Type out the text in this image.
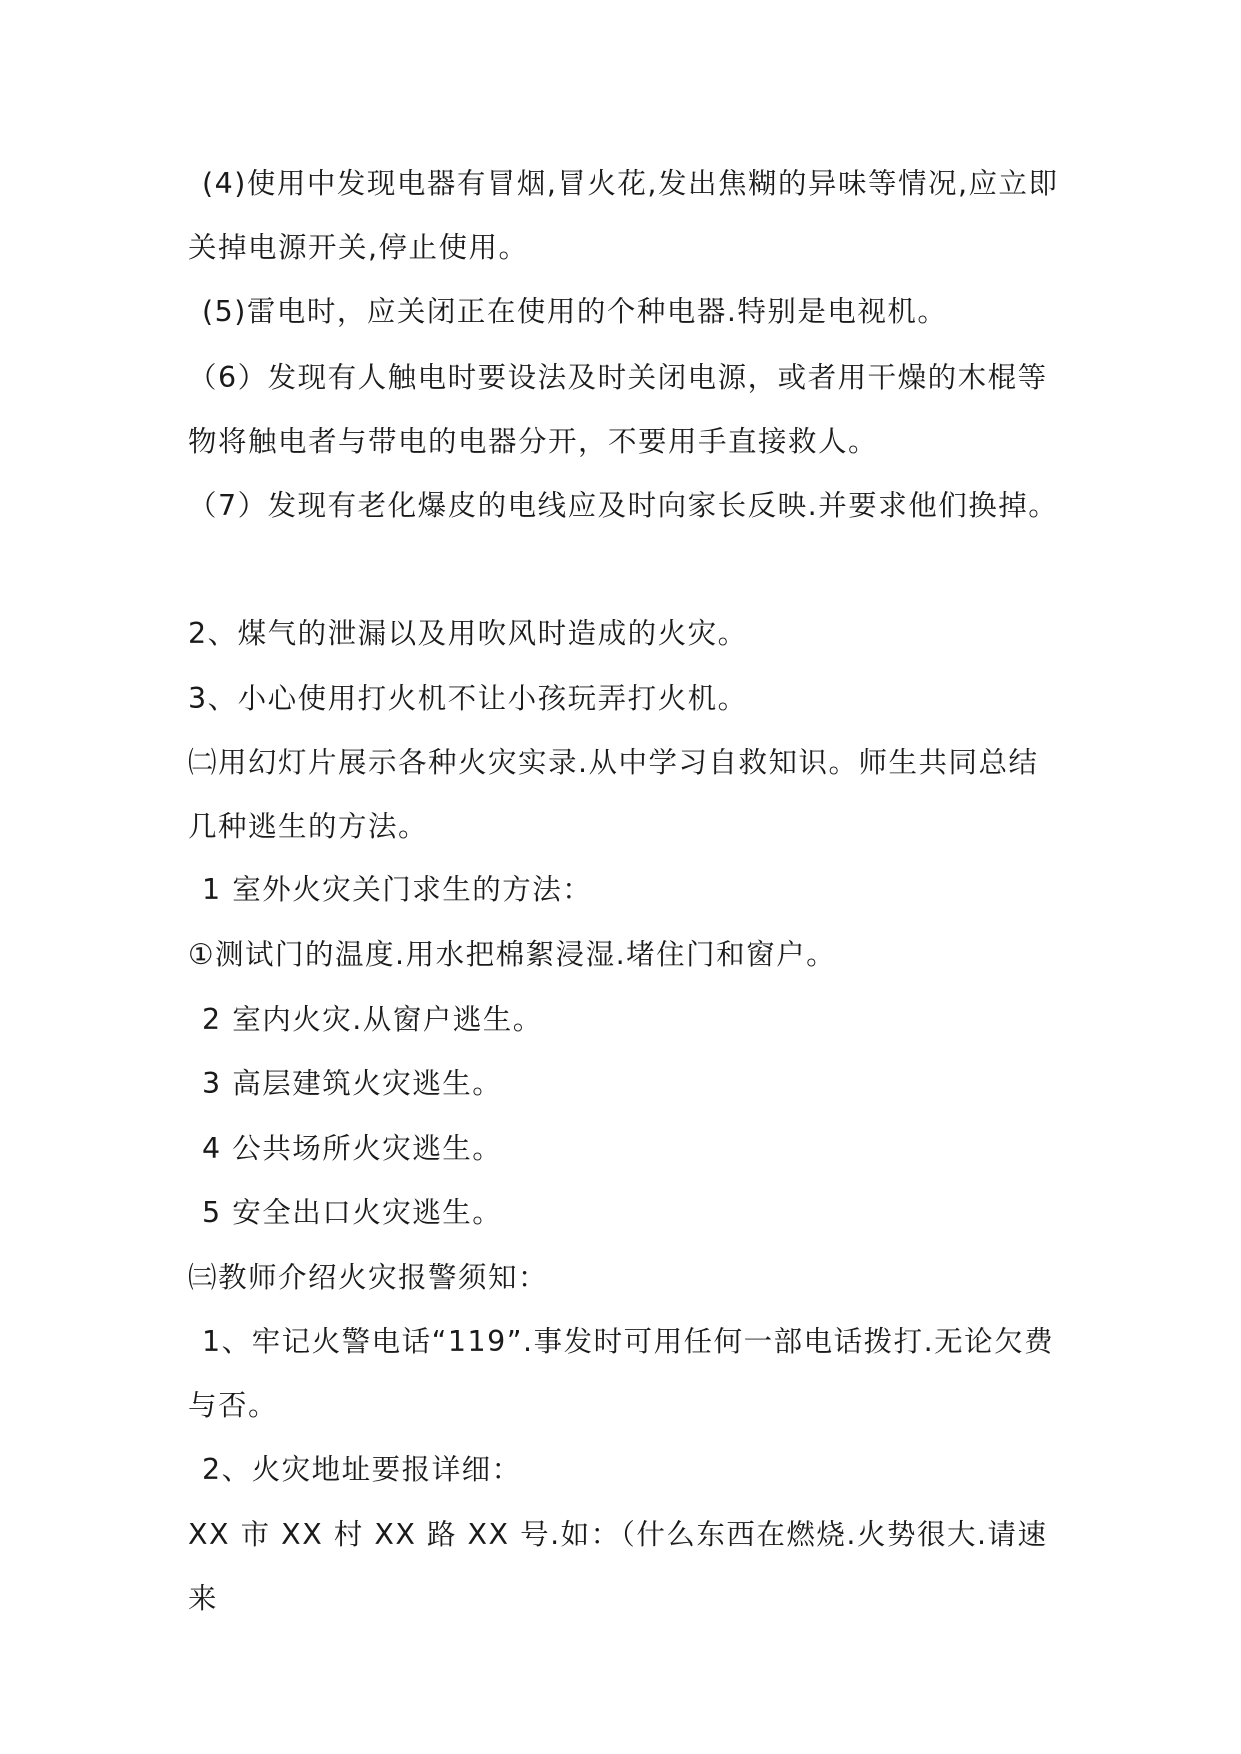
(4)使用中发现电器有冒烟,冒火花,发出焦糊的异味等情况,应立即关掉电源开关,停止使用。

(5)雷电时，应关闭正在使用的个种电器.特别是电视机。

（6）发现有人触电时要设法及时关闭电源，或者用干燥的木棍等物将触电者与带电的电器分开，不要用手直接救人。

（7）发现有老化爆皮的电线应及时向家长反映.并要求他们换掉。

2、煤气的泄漏以及用吹风时造成的火灾。

3、小心使用打火机不让小孩玩弄打火机。

㈡用幻灯片展示各种火灾实录.从中学习自救知识。师生共同总结几种逃生的方法。

1 室外火灾关门求生的方法：

①测试门的温度.用水把棉絮浸湿.堵住门和窗户。

2 室内火灾.从窗户逃生。

3 高层建筑火灾逃生。

4 公共场所火灾逃生。

5 安全出口火灾逃生。

㈢教师介绍火灾报警须知：

1、牢记火警电话“119”.事发时可用任何一部电话拨打.无论欠费与否。

2、火灾地址要报详细：

XX 市 XX 村 XX 路 XX 号.如：（什么东西在燃烧.火势很大.请速来
